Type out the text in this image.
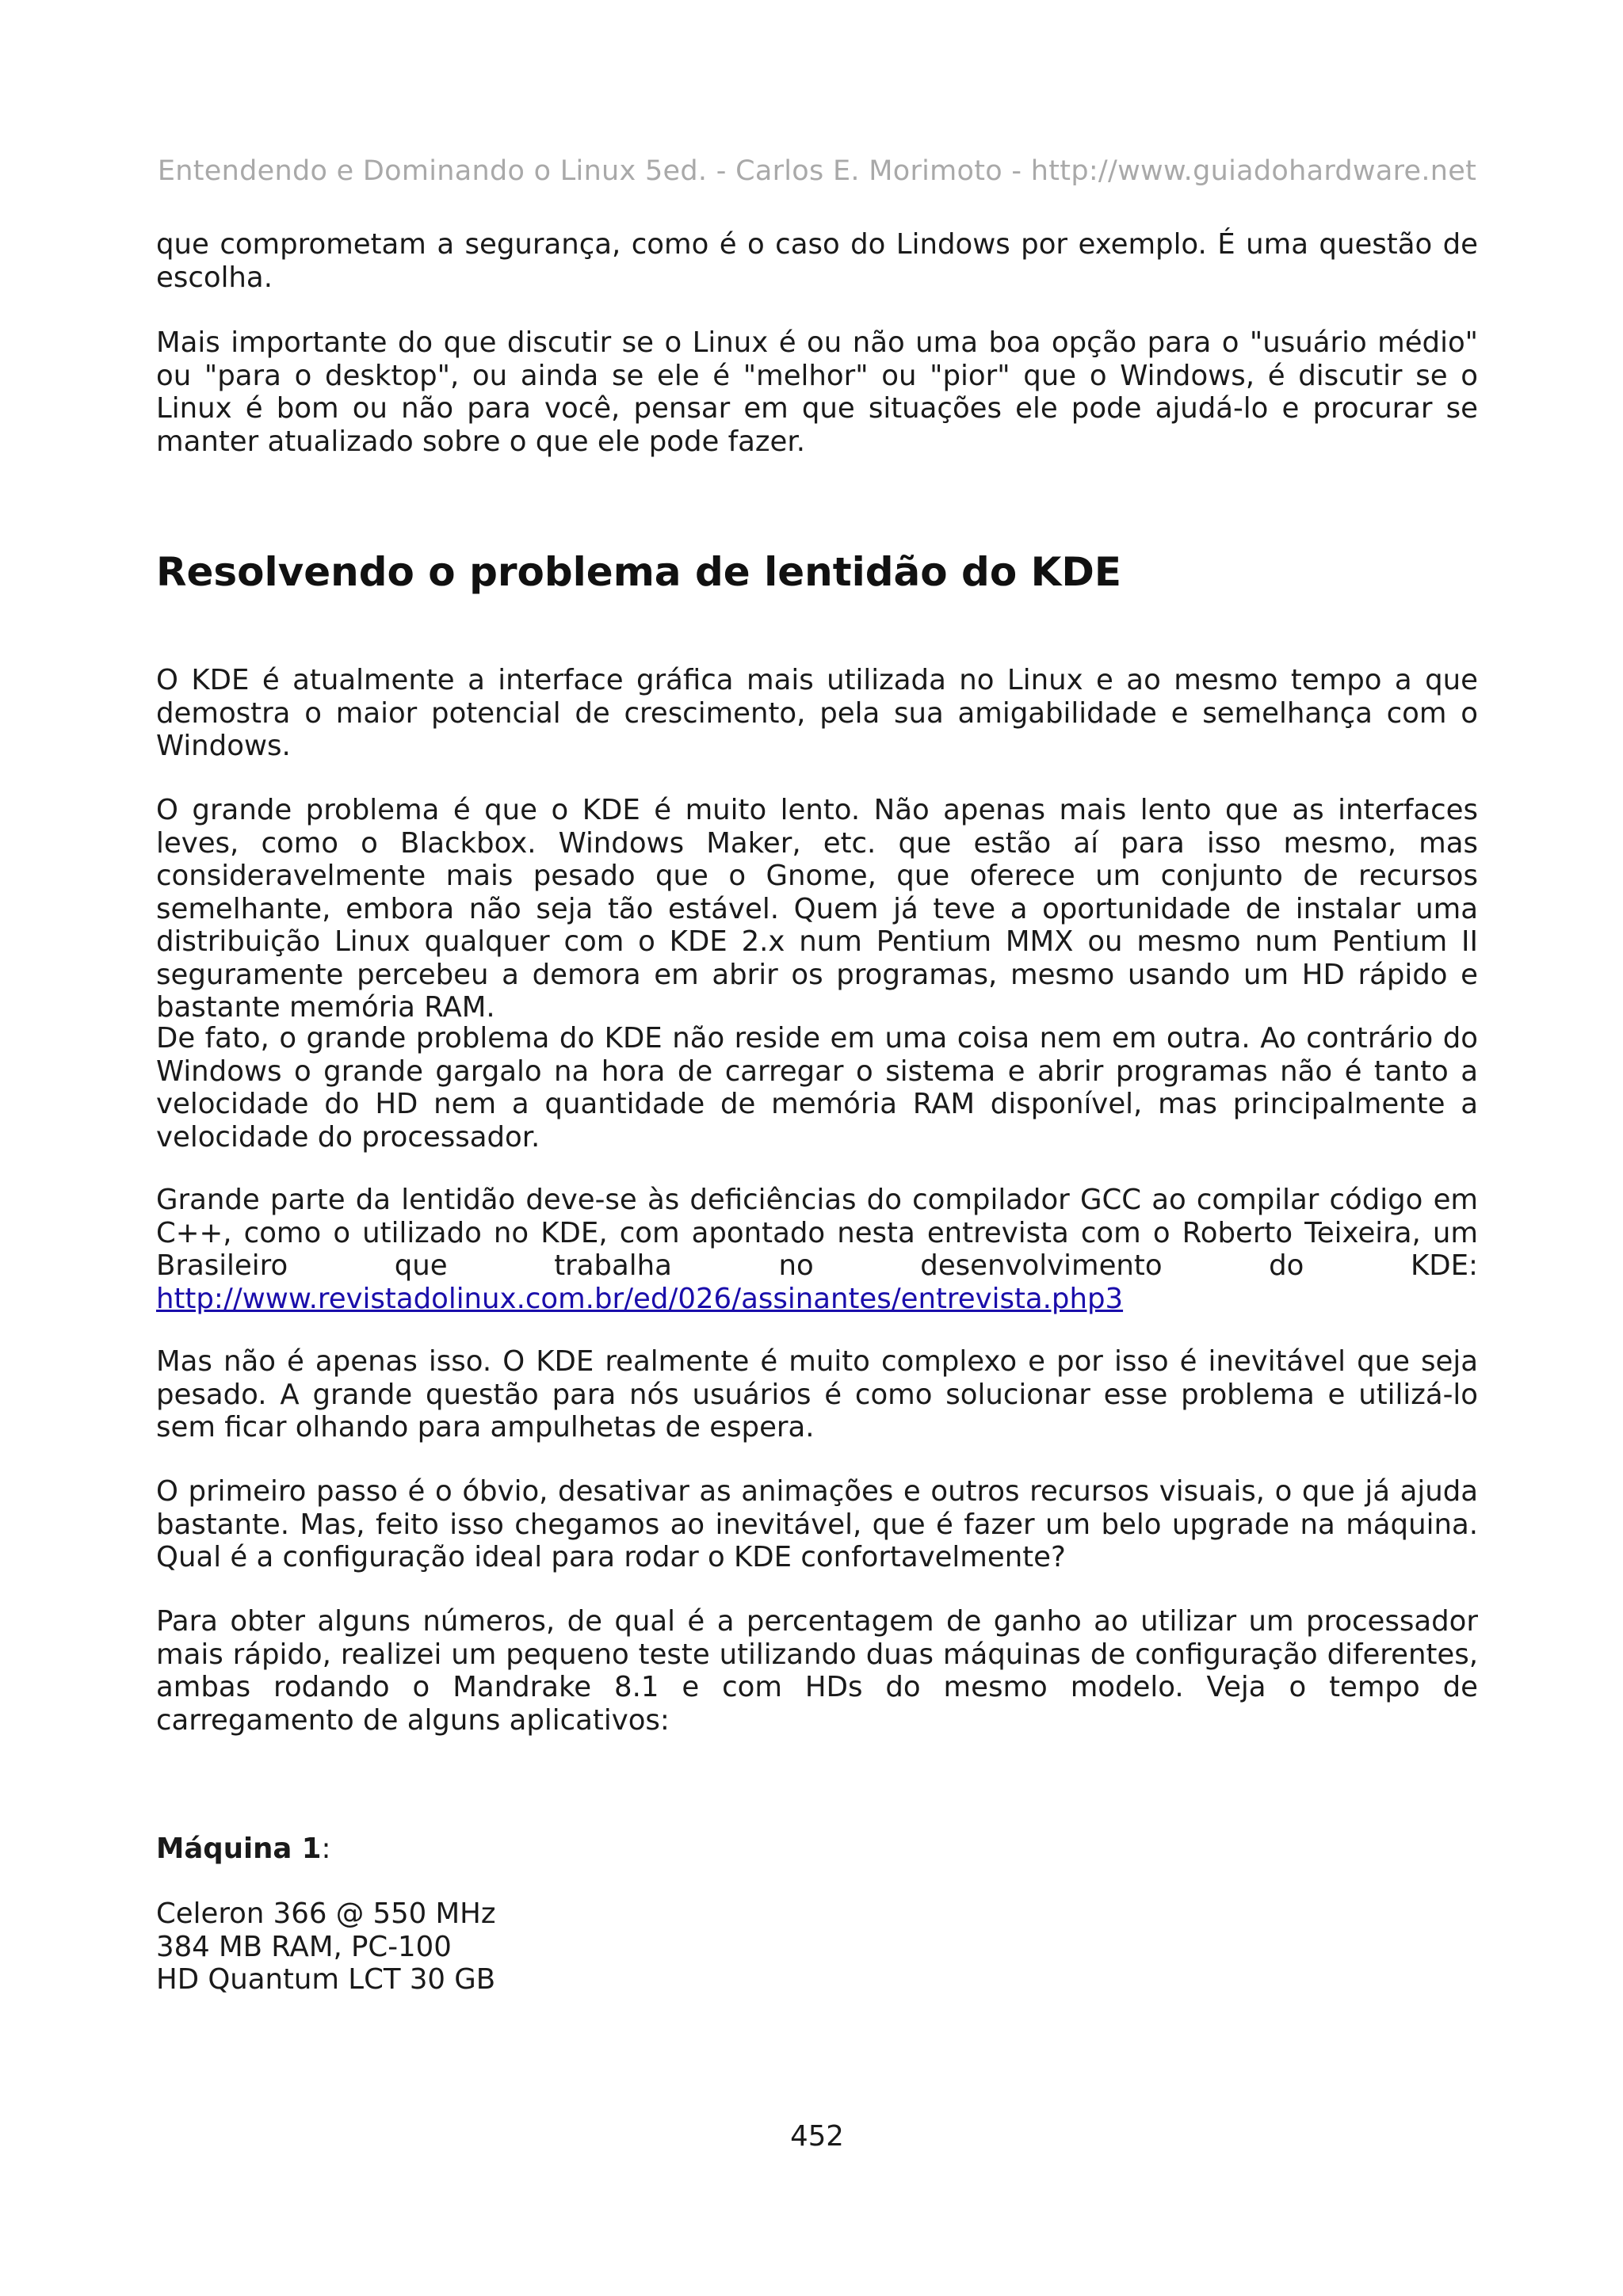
Entendendo e Dominando o Linux 5ed. - Carlos E. Morimoto - http://www.guiadohardware.net

que comprometam a segurança, como é o caso do Lindows por exemplo. É uma questão de escolha.

Mais importante do que discutir se o Linux é ou não uma boa opção para o "usuário médio" ou "para o desktop", ou ainda se ele é "melhor" ou "pior" que o Windows, é discutir se o Linux é bom ou não para você, pensar em que situações ele pode ajudá-lo e procurar se manter atualizado sobre o que ele pode fazer.

Resolvendo o problema de lentidão do KDE

O KDE é atualmente a interface gráfica mais utilizada no Linux e ao mesmo tempo a que demostra o maior potencial de crescimento, pela sua amigabilidade e semelhança com o Windows.

O grande problema é que o KDE é muito lento. Não apenas mais lento que as interfaces leves, como o Blackbox. Windows Maker, etc. que estão aí para isso mesmo, mas consideravelmente mais pesado que o Gnome, que oferece um conjunto de recursos semelhante, embora não seja tão estável. Quem já teve a oportunidade de instalar uma distribuição Linux qualquer com o KDE 2.x num Pentium MMX ou mesmo num Pentium II seguramente percebeu a demora em abrir os programas, mesmo usando um HD rápido e bastante memória RAM.

De fato, o grande problema do KDE não reside em uma coisa nem em outra. Ao contrário do Windows o grande gargalo na hora de carregar o sistema e abrir programas não é tanto a velocidade do HD nem a quantidade de memória RAM disponível, mas principalmente a velocidade do processador.

Grande parte da lentidão deve-se às deficiências do compilador GCC ao compilar código em C++, como o utilizado no KDE, com apontado nesta entrevista com o Roberto Teixeira, um Brasileiro que trabalha no desenvolvimento do KDE: http://www.revistadolinux.com.br/ed/026/assinantes/entrevista.php3

Mas não é apenas isso. O KDE realmente é muito complexo e por isso é inevitável que seja pesado. A grande questão para nós usuários é como solucionar esse problema e utilizá-lo sem ficar olhando para ampulhetas de espera.

O primeiro passo é o óbvio, desativar as animações e outros recursos visuais, o que já ajuda bastante. Mas, feito isso chegamos ao inevitável, que é fazer um belo upgrade na máquina. Qual é a configuração ideal para rodar o KDE confortavelmente?

Para obter alguns números, de qual é a percentagem de ganho ao utilizar um processador mais rápido, realizei um pequeno teste utilizando duas máquinas de configuração diferentes, ambas rodando o Mandrake 8.1 e com HDs do mesmo modelo. Veja o tempo de carregamento de alguns aplicativos:

Máquina 1:

Celeron 366 @ 550 MHz
384 MB RAM, PC-100
HD Quantum LCT 30 GB
452
